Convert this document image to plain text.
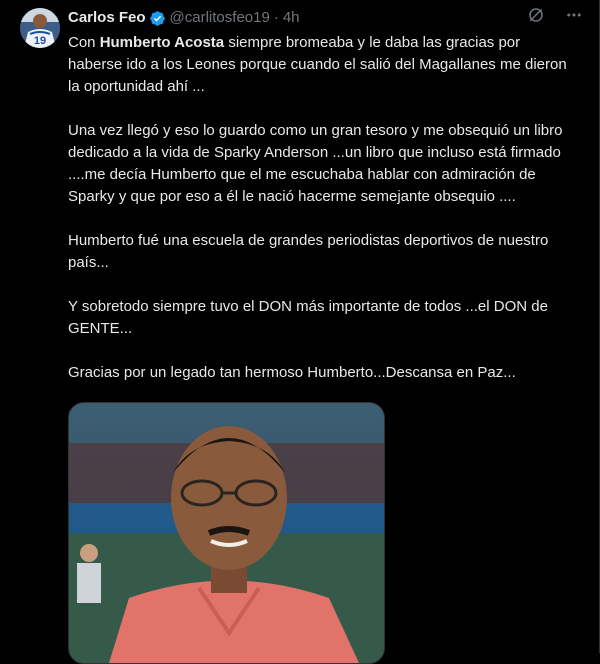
19
Carlos Feo @carlitosfeo19 · 4h
Con Humberto Acosta siempre bromeaba y le daba las gracias por haberse ido a los Leones porque cuando el salió del Magallanes me dieron la oportunidad ahí ...

Una vez llegó y eso lo guardo como un gran tesoro y me obsequió un libro dedicado a la vida de Sparky Anderson ...un libro que incluso está firmado ....me decía Humberto que el me escuchaba hablar con admiración de Sparky y que por eso a él le nació hacerme semejante obsequio ....

Humberto fué una escuela de grandes periodistas deportivos de nuestro país...

Y sobretodo siempre tuvo el DON más importante de todos ...el DON de GENTE...

Gracias por un legado tan hermoso Humberto...Descansa en Paz...
